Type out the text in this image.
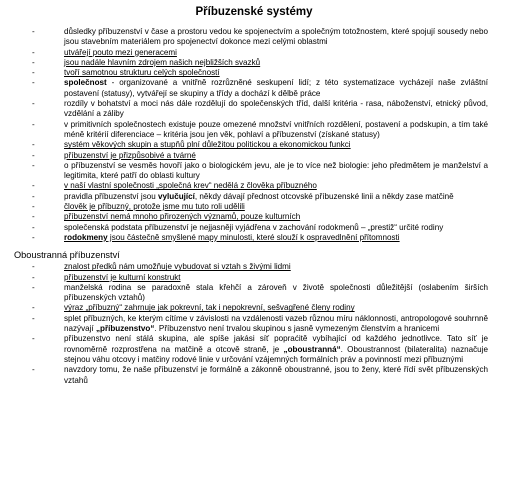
Příbuzenské systémy
- důsledky příbuzenství v čase a prostoru vedou ke spojenectvím a společným totožnostem, které spojují sousedy nebo jsou stavebním materiálem pro spojenectví dokonce mezi celými oblastmi
- utvářejí pouto mezi generacemi
- jsou nadále hlavním zdrojem našich nejbližších svazků
- tvoří samotnou strukturu celých společností
- společnost - organizované a vnitřně rozrůzněné seskupení lidí; z této systematizace vycházejí naše zvláštní postavení (statusy), vytvářejí se skupiny a třídy a dochází k dělbě práce
- rozdíly v bohatství a moci nás dále rozdělují do společenských tříd, další kritéria - rasa, náboženství, etnický původ, vzdělání a záliby
- v primitivních společnostech existuje pouze omezené množství vnitřních rozdělení, postavení a podskupin, a tím také méně kritérií diferenciace – kritéria jsou jen věk, pohlaví a příbuzenství (získané statusy)
- systém věkových skupin a stupňů plní důležitou politickou a ekonomickou funkci
- příbuzenství je přizpůsobivé a tvárné
- o příbuzenství se vesměs hovoří jako o biologickém jevu, ale je to více než biologie: jeho předmětem je manželství a legitimita, které patří do oblasti kultury
- v naší vlastní společnosti „společná krev“ nedělá z člověka příbuzného
- pravidla příbuzenství jsou vylučující, někdy dávají přednost otcovské příbuzenské linii a někdy zase matčině
- člověk je příbuzný, protože jsme mu tuto roli udělili
- příbuzenství nemá mnoho přirozených významů, pouze kulturních
- společenská podstata příbuzenství je nejjasněji vyjádřena v zachování rodokmenů – „prestiž“ určité rodiny
- rodokmeny jsou částečně smyšlené mapy minulosti, které slouží k ospravedlnění přítomnosti
Oboustranná příbuzenství
- znalost předků nám umožňuje vybudovat si vztah s živými lidmi
- příbuzenství je kulturní konstrukt
- manželská rodina se paradoxně stala křehčí a zároveň v životě společnosti důležitější (oslabením širších příbuzenských vztahů)
- výraz „příbuzný“ zahrnuje jak pokrevní, tak i nepokrevní, sešvagřené členy rodiny
- splet příbuzných, ke kterým cítíme v závislosti na vzdálenosti vazeb různou míru náklonnosti, antropologové souhrnně nazývají „příbuzenstvo“. Příbuzenstvo není trvalou skupinou s jasně vymezeným členstvím a hranicemi
- příbuzenstvo není stálá skupina, ale spíše jakási síť popraćitě vybíhající od každého jednotlivce. Tato síť je rovnoměrně rozprostřena na matčině a otcově straně, je „oboustranná“. Oboustrannost (bilateralita) naznačuje stejnou váhu otcovy i matčiny rodové linie v určování vzájemných formálních práv a povinností mezi příbuznými
- navzdory tomu, že naše příbuzenství je formálně a zákonně oboustranné, jsou to ženy, které řídí svět příbuzenských vztahů
